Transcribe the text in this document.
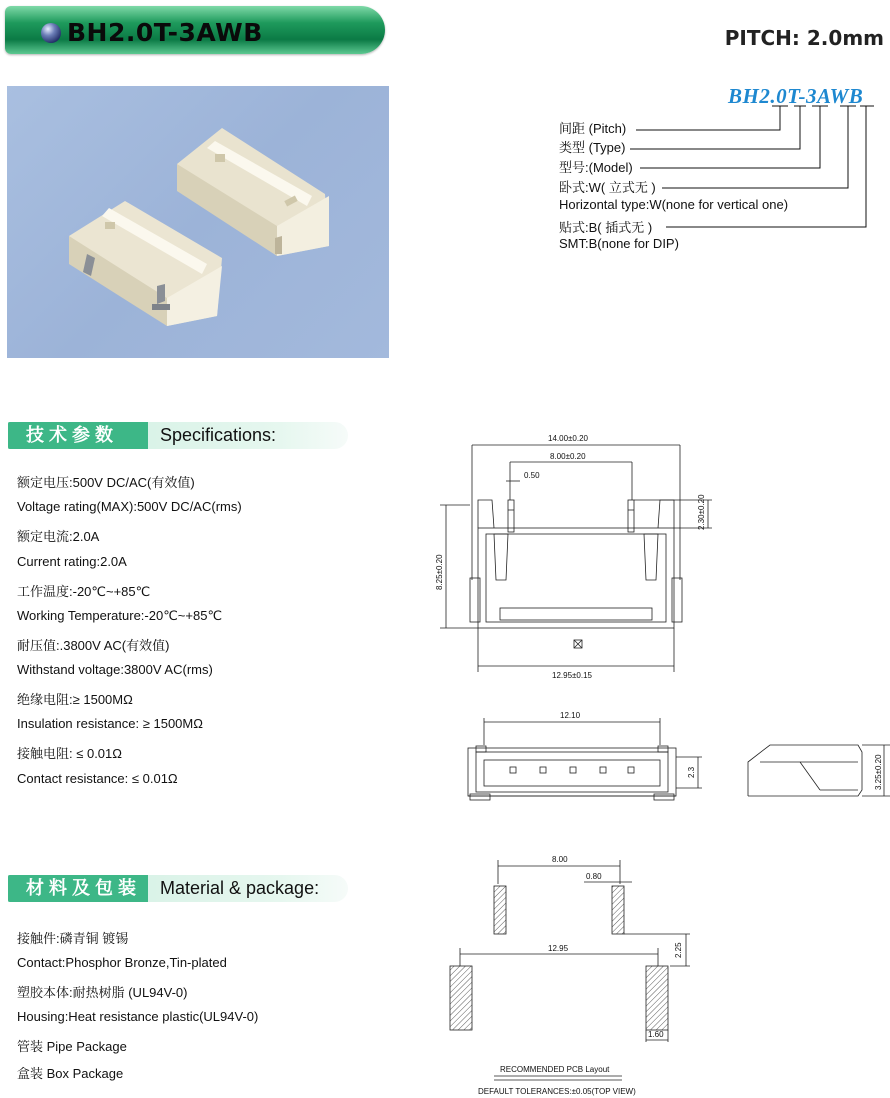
BH2.0T-3AWB	PITCH: 2.0mm
BH2.0T-3AWB
间距 (Pitch)
类型 (Type)
型号:(Model)
卧式:W( 立式无 )
Horizontal type:W(none for vertical one)
贴式:B( 插式无 )
SMT:B(none for DIP)
技术参数	Specifications:
额定电压:500V DC/AC(有效值)
Voltage rating(MAX):500V DC/AC(rms)
额定电流:2.0A
Current rating:2.0A
工作温度:-20℃~+85℃
Working Temperature:-20℃~+85℃
耐压值:.3800V AC(有效值)
Withstand voltage:3800V AC(rms)
绝缘电阻:≥ 1500MΩ
Insulation resistance: ≥ 1500MΩ
接触电阻: ≤ 0.01Ω
Contact resistance: ≤ 0.01Ω
材料及包装	Material & package:
接触件:磷青铜 镀锡
Contact:Phosphor Bronze,Tin-plated
塑胶本体:耐热树脂 (UL94V-0)
Housing:Heat resistance plastic(UL94V-0)
管装 Pipe Package
盒装 Box Package
14.00±0.20
8.00±0.20
0.50
12.95±0.15
8.25±0.20
2.30±0.20
12.10
2.3	3.25±0.20
8.00
0.80
12.95	2.25
1.60
RECOMMENDED PCB Layout
DEFAULT TOLERANCES:±0.05(TOP VIEW)
